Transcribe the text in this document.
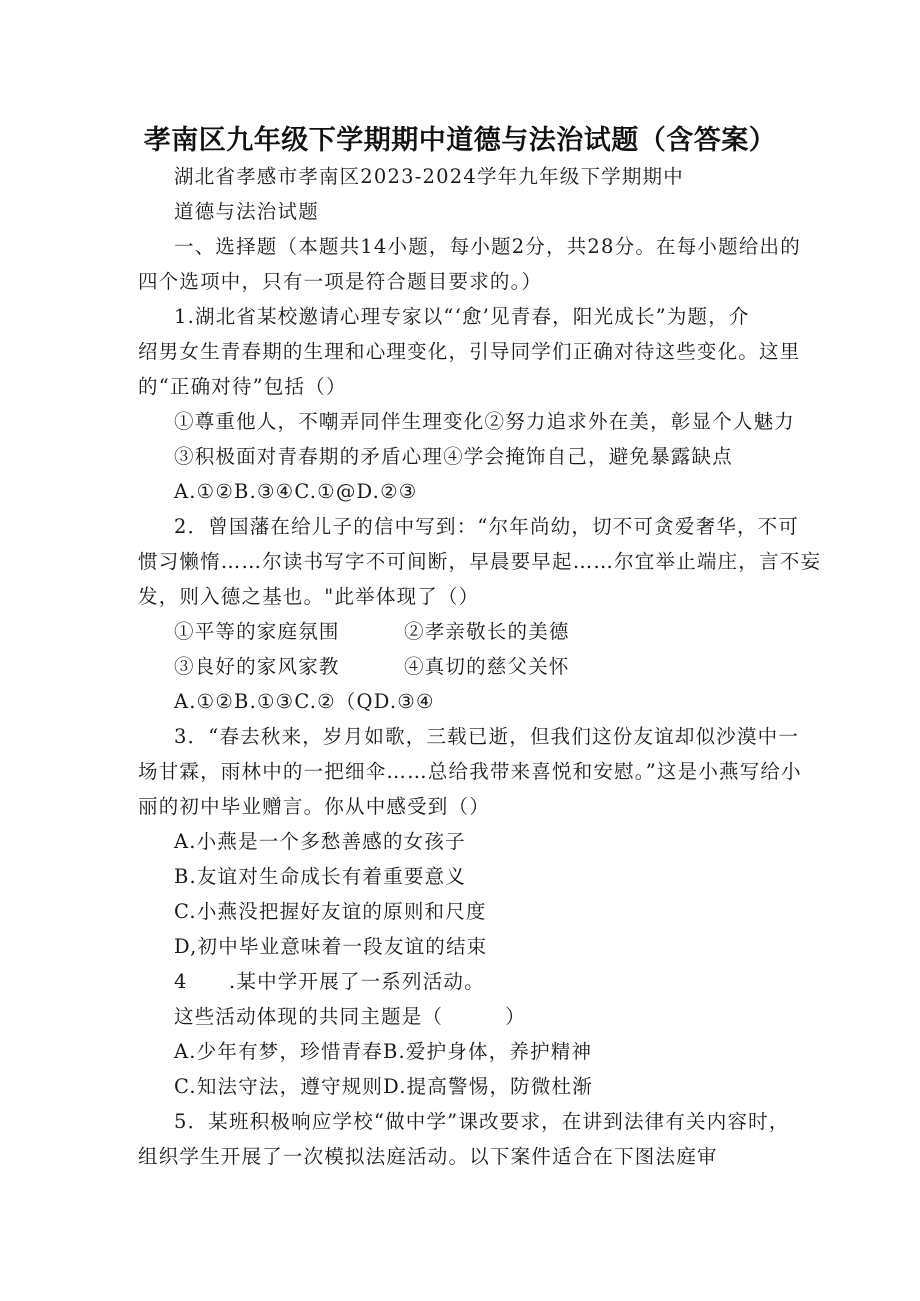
孝南区九年级下学期期中道德与法治试题（含答案）
湖北省孝感市孝南区2023-2024学年九年级下学期期中
道德与法治试题
一、选择题（本题共14小题，每小题2分，共28分。在每小题给出的
四个选项中，只有一项是符合题目要求的。）
1.湖北省某校邀请心理专家以“‘愈’见青春，阳光成长”为题，介
绍男女生青春期的生理和心理变化，引导同学们正确对待这些变化。这里
的“正确对待”包括（）
①尊重他人，不嘲弄同伴生理变化②努力追求外在美，彰显个人魅力
③积极面对青春期的矛盾心理④学会掩饰自己，避免暴露缺点
A.①②B.③④C.①@D.②③
2．曾国藩在给儿子的信中写到：“尔年尚幼，切不可贪爱奢华，不可
惯习懒惰……尔读书写字不可间断，早晨要早起……尔宜举止端庄，言不妄
发，则入德之基也。"此举体现了（）
①平等的家庭氛围	②孝亲敬长的美德
③良好的家风家教	④真切的慈父关怀
A.①②B.①③C.②（QD.③④
3．“春去秋来，岁月如歌，三载已逝，但我们这份友谊却似沙漠中一
场甘霖，雨林中的一把细伞……总给我带来喜悦和安慰。”这是小燕写给小
丽的初中毕业赠言。你从中感受到（）
A.小燕是一个多愁善感的女孩子
B.友谊对生命成长有着重要意义
C.小燕没把握好友谊的原则和尺度
D,初中毕业意味着一段友谊的结束
4　　.某中学开展了一系列活动。
这些活动体现的共同主题是（　　　）
A.少年有梦，珍惜青春B.爱护身体，养护精神
C.知法守法，遵守规则D.提高警惕，防微杜渐
5．某班积极响应学校“做中学”课改要求，在讲到法律有关内容时，
组织学生开展了一次模拟法庭活动。以下案件适合在下图法庭审
